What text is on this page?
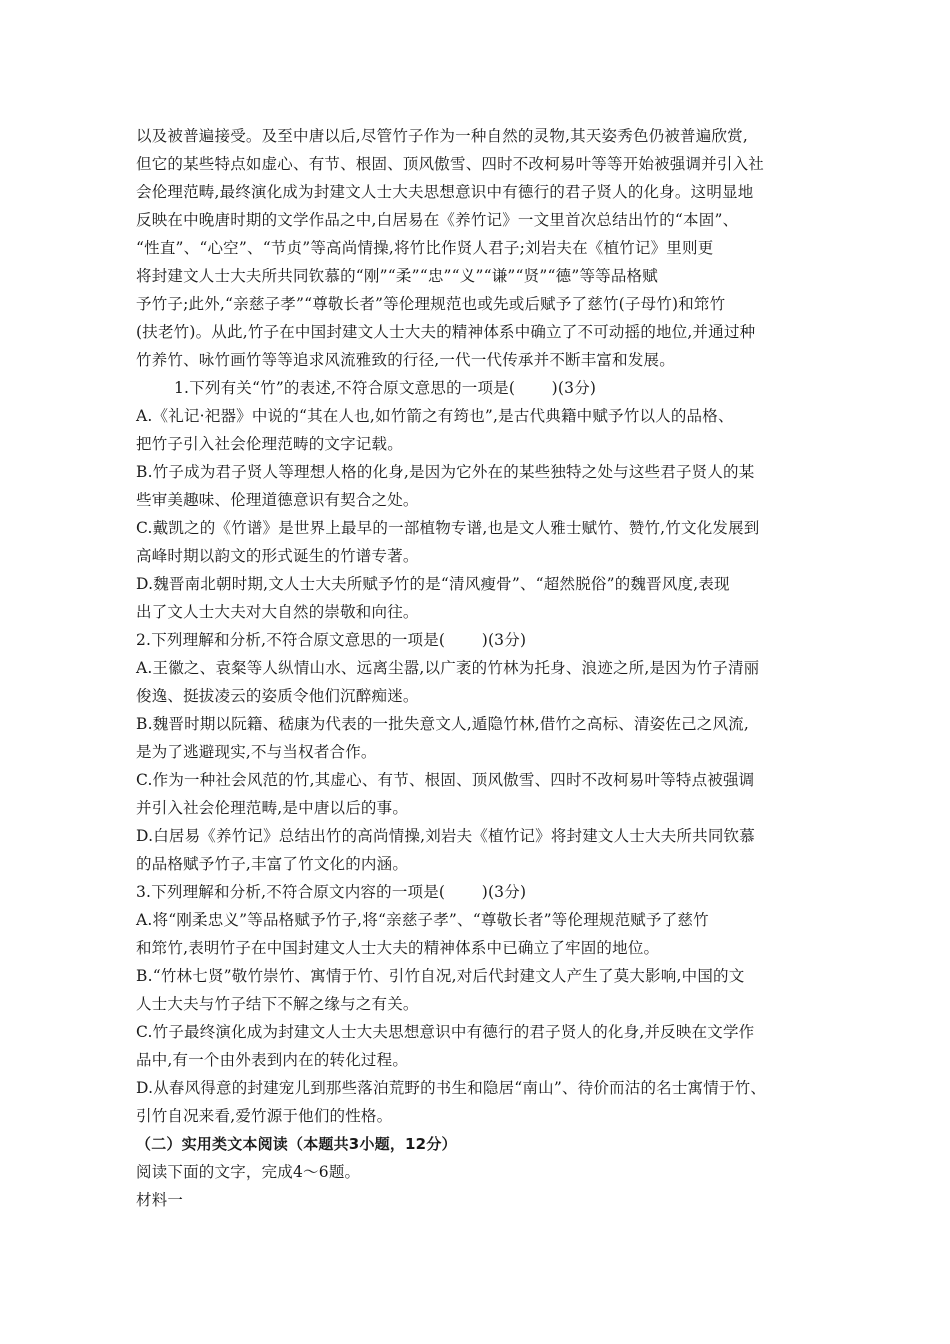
以及被普遍接受。及至中唐以后,尽管竹子作为一种自然的灵物,其天姿秀色仍被普遍欣赏,
但它的某些特点如虚心、有节、根固、顶风傲雪、四时不改柯易叶等等开始被强调并引入社
会伦理范畴,最终演化成为封建文人士大夫思想意识中有德行的君子贤人的化身。这明显地
反映在中晚唐时期的文学作品之中,白居易在《养竹记》一文里首次总结出竹的“本固”、
“性直”、“心空”、“节贞”等高尚情操,将竹比作贤人君子;刘岩夫在《植竹记》里则更
将封建文人士大夫所共同钦慕的“刚”“柔”“忠”“义”“谦”“贤”“德”等等品格赋
予竹子;此外,“亲慈子孝”“尊敬长者”等伦理规范也或先或后赋予了慈竹(子母竹)和筇竹
(扶老竹)。从此,竹子在中国封建文人士大夫的精神体系中确立了不可动摇的地位,并通过种
竹养竹、咏竹画竹等等追求风流雅致的行径,一代一代传承并不断丰富和发展。
1.下列有关“竹”的表述,不符合原文意思的一项是(　　 )(3分)
A.《礼记·祀器》中说的“其在人也,如竹箭之有筠也”,是古代典籍中赋予竹以人的品格、
把竹子引入社会伦理范畴的文字记载。
B.竹子成为君子贤人等理想人格的化身,是因为它外在的某些独特之处与这些君子贤人的某
些审美趣味、伦理道德意识有契合之处。
C.戴凯之的《竹谱》是世界上最早的一部植物专谱,也是文人雅士赋竹、赞竹,竹文化发展到
高峰时期以韵文的形式诞生的竹谱专著。
D.魏晋南北朝时期,文人士大夫所赋予竹的是“清风瘦骨”、“超然脱俗”的魏晋风度,表现
出了文人士大夫对大自然的崇敬和向往。
2.下列理解和分析,不符合原文意思的一项是(　　 )(3分)
A.王徽之、袁粲等人纵情山水、远离尘嚣,以广袤的竹林为托身、浪迹之所,是因为竹子清丽
俊逸、挺拔凌云的姿质令他们沉醉痴迷。
B.魏晋时期以阮籍、嵇康为代表的一批失意文人,遁隐竹林,借竹之高标、清姿佐己之风流,
是为了逃避现实,不与当权者合作。
C.作为一种社会风范的竹,其虚心、有节、根固、顶风傲雪、四时不改柯易叶等特点被强调
并引入社会伦理范畴,是中唐以后的事。
D.白居易《养竹记》总结出竹的高尚情操,刘岩夫《植竹记》将封建文人士大夫所共同钦慕
的品格赋予竹子,丰富了竹文化的内涵。
3.下列理解和分析,不符合原文内容的一项是(　　 )(3分)
A.将“刚柔忠义”等品格赋予竹子,将“亲慈子孝”、“尊敬长者”等伦理规范赋予了慈竹
和筇竹,表明竹子在中国封建文人士大夫的精神体系中已确立了牢固的地位。
B.“竹林七贤”敬竹崇竹、寓情于竹、引竹自况,对后代封建文人产生了莫大影响,中国的文
人士大夫与竹子结下不解之缘与之有关。
C.竹子最终演化成为封建文人士大夫思想意识中有德行的君子贤人的化身,并反映在文学作
品中,有一个由外表到内在的转化过程。
D.从春风得意的封建宠儿到那些落泊荒野的书生和隐居“南山”、待价而沽的名士寓情于竹、
引竹自况来看,爱竹源于他们的性格。
（二）实用类文本阅读（本题共3小题，12分）
阅读下面的文字，完成4～6题。
材料一
